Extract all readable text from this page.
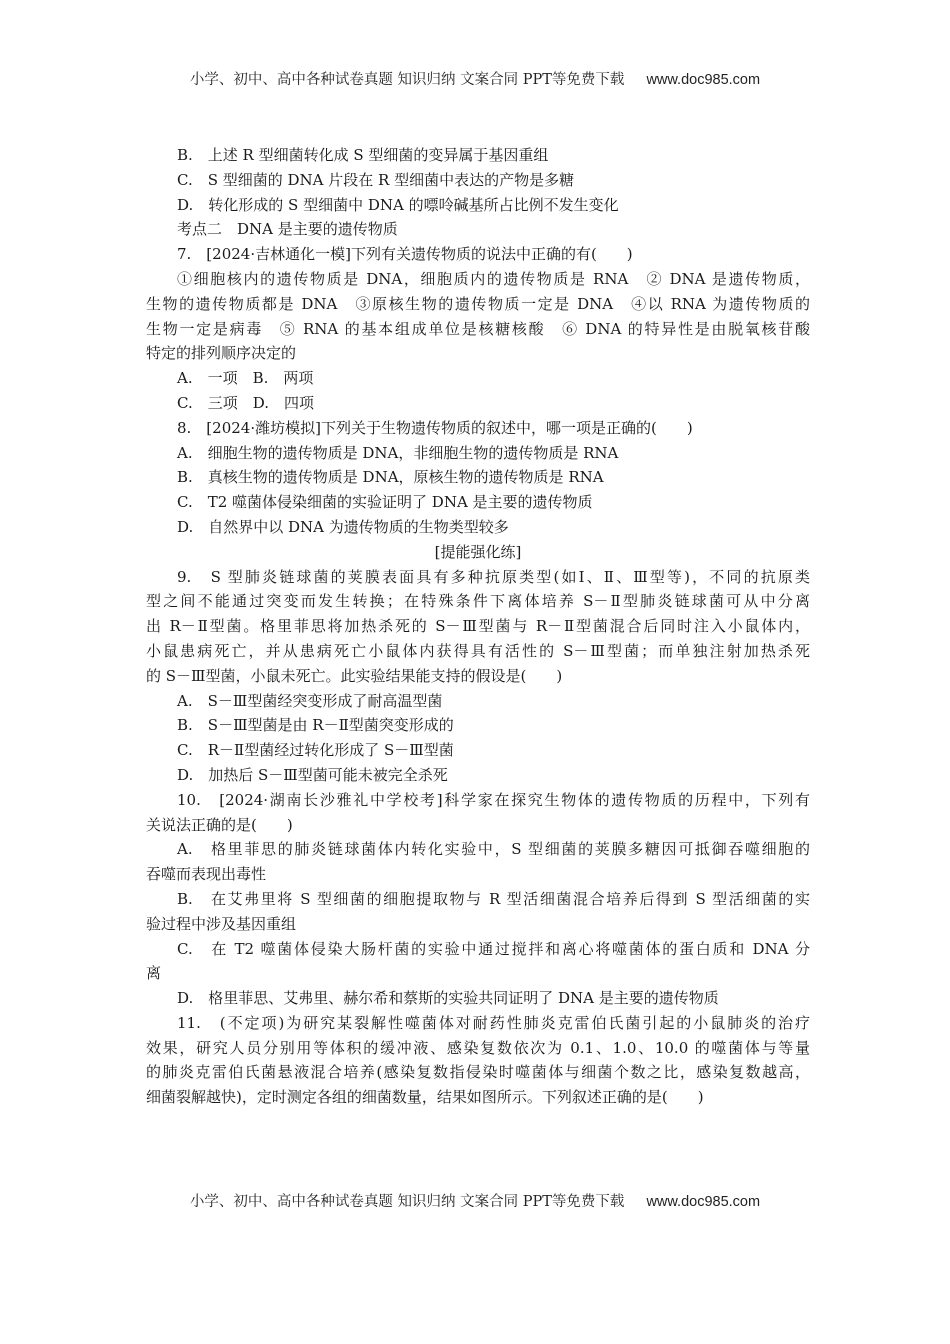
小学、初中、高中各种试卷真题 知识归纳 文案合同 PPT等免费下载 www.doc985.com
B.　上述 R 型细菌转化成 S 型细菌的变异属于基因重组
C.　S 型细菌的 DNA 片段在 R 型细菌中表达的产物是多糖
D.　转化形成的 S 型细菌中 DNA 的嘌呤碱基所占比例不发生变化
考点二　DNA 是主要的遗传物质
7.　[2024·吉林通化一模]下列有关遗传物质的说法中正确的有(　　)
①细胞核内的遗传物质是 DNA，细胞质内的遗传物质是 RNA　② DNA 是遗传物质，
生物的遗传物质都是 DNA　③原核生物的遗传物质一定是 DNA　④以 RNA 为遗传物质的
生物一定是病毒　⑤ RNA 的基本组成单位是核糖核酸　⑥ DNA 的特异性是由脱氧核苷酸
特定的排列顺序决定的
A.　一项　B.　两项
C.　三项　D.　四项
8.　[2024·潍坊模拟]下列关于生物遗传物质的叙述中，哪一项是正确的(　　)
A.　细胞生物的遗传物质是 DNA，非细胞生物的遗传物质是 RNA
B.　真核生物的遗传物质是 DNA，原核生物的遗传物质是 RNA
C.　T2 噬菌体侵染细菌的实验证明了 DNA 是主要的遗传物质
D.　自然界中以 DNA 为遗传物质的生物类型较多
[提能强化练]
9.　S 型肺炎链球菌的荚膜表面具有多种抗原类型(如Ⅰ、Ⅱ、Ⅲ型等)，不同的抗原类
型之间不能通过突变而发生转换；在特殊条件下离体培养 S－Ⅱ型肺炎链球菌可从中分离
出 R－Ⅱ型菌。格里菲思将加热杀死的 S－Ⅲ型菌与 R－Ⅱ型菌混合后同时注入小鼠体内，
小鼠患病死亡，并从患病死亡小鼠体内获得具有活性的 S－Ⅲ型菌；而单独注射加热杀死
的 S－Ⅲ型菌，小鼠未死亡。此实验结果能支持的假设是(　　)
A.　S－Ⅲ型菌经突变形成了耐高温型菌
B.　S－Ⅲ型菌是由 R－Ⅱ型菌突变形成的
C.　R－Ⅱ型菌经过转化形成了 S－Ⅲ型菌
D.　加热后 S－Ⅲ型菌可能未被完全杀死
10.　[2024·湖南长沙雅礼中学校考]科学家在探究生物体的遗传物质的历程中，下列有
关说法正确的是(　　)
A.　格里菲思的肺炎链球菌体内转化实验中，S 型细菌的荚膜多糖因可抵御吞噬细胞的
吞噬而表现出毒性
B.　在艾弗里将 S 型细菌的细胞提取物与 R 型活细菌混合培养后得到 S 型活细菌的实
验过程中涉及基因重组
C.　在 T2 噬菌体侵染大肠杆菌的实验中通过搅拌和离心将噬菌体的蛋白质和 DNA 分
离
D.　格里菲思、艾弗里、赫尔希和蔡斯的实验共同证明了 DNA 是主要的遗传物质
11.　(不定项)为研究某裂解性噬菌体对耐药性肺炎克雷伯氏菌引起的小鼠肺炎的治疗
效果，研究人员分别用等体积的缓冲液、感染复数依次为 0.1、1.0、10.0 的噬菌体与等量
的肺炎克雷伯氏菌悬液混合培养(感染复数指侵染时噬菌体与细菌个数之比，感染复数越高，
细菌裂解越快)，定时测定各组的细菌数量，结果如图所示。下列叙述正确的是(　　)
小学、初中、高中各种试卷真题 知识归纳 文案合同 PPT等免费下载 www.doc985.com
